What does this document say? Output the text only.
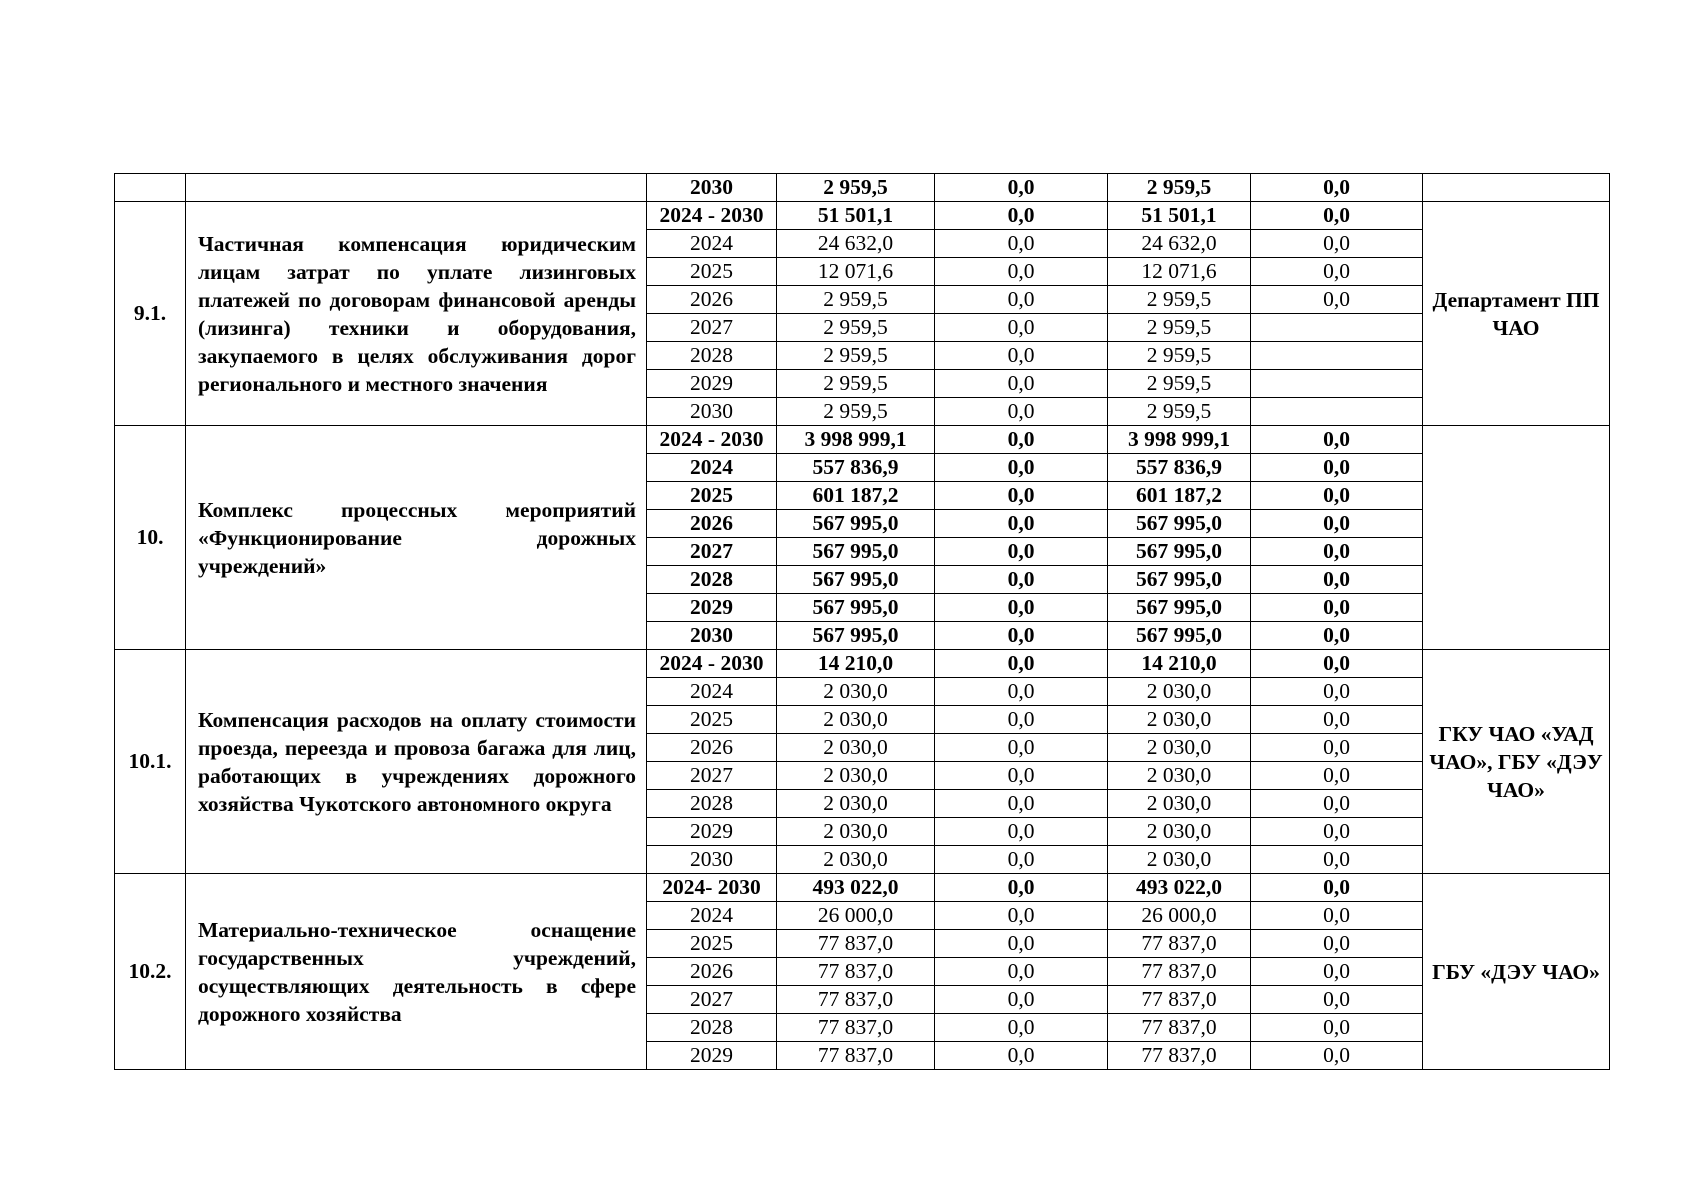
		2030	2 959,5	0,0	2 959,5	0,0	
9.1.	Частичная компенсация юридическим лицам затрат по уплате лизинговых платежей по договорам финансовой аренды (лизинга) техники и оборудования, закупаемого в целях обслуживания дорог регионального и местного значения	2024 - 2030	51 501,1	0,0	51 501,1	0,0	Департамент ПП ЧАО
		2024	24 632,0	0,0	24 632,0	0,0	
		2025	12 071,6	0,0	12 071,6	0,0	
		2026	2 959,5	0,0	2 959,5	0,0	
		2027	2 959,5	0,0	2 959,5		
		2028	2 959,5	0,0	2 959,5		
		2029	2 959,5	0,0	2 959,5		
		2030	2 959,5	0,0	2 959,5		
10.	Комплекс процессных мероприятий «Функционирование дорожных учреждений»	2024 - 2030	3 998 999,1	0,0	3 998 999,1	0,0	
		2024	557 836,9	0,0	557 836,9	0,0	
		2025	601 187,2	0,0	601 187,2	0,0	
		2026	567 995,0	0,0	567 995,0	0,0	
		2027	567 995,0	0,0	567 995,0	0,0	
		2028	567 995,0	0,0	567 995,0	0,0	
		2029	567 995,0	0,0	567 995,0	0,0	
		2030	567 995,0	0,0	567 995,0	0,0	
10.1.	Компенсация расходов на оплату стоимости проезда, переезда и провоза багажа для лиц, работающих в учреждениях дорожного хозяйства Чукотского автономного округа	2024 - 2030	14 210,0	0,0	14 210,0	0,0	ГКУ ЧАО «УАД ЧАО», ГБУ «ДЭУ ЧАО»
		2024	2 030,0	0,0	2 030,0	0,0	
		2025	2 030,0	0,0	2 030,0	0,0	
		2026	2 030,0	0,0	2 030,0	0,0	
		2027	2 030,0	0,0	2 030,0	0,0	
		2028	2 030,0	0,0	2 030,0	0,0	
		2029	2 030,0	0,0	2 030,0	0,0	
		2030	2 030,0	0,0	2 030,0	0,0	
10.2.	Материально-техническое оснащение государственных учреждений, осуществляющих деятельность в сфере дорожного хозяйства	2024- 2030	493 022,0	0,0	493 022,0	0,0	ГБУ «ДЭУ ЧАО»
		2024	26 000,0	0,0	26 000,0	0,0	
		2025	77 837,0	0,0	77 837,0	0,0	
		2026	77 837,0	0,0	77 837,0	0,0	
		2027	77 837,0	0,0	77 837,0	0,0	
		2028	77 837,0	0,0	77 837,0	0,0	
		2029	77 837,0	0,0	77 837,0	0,0	
